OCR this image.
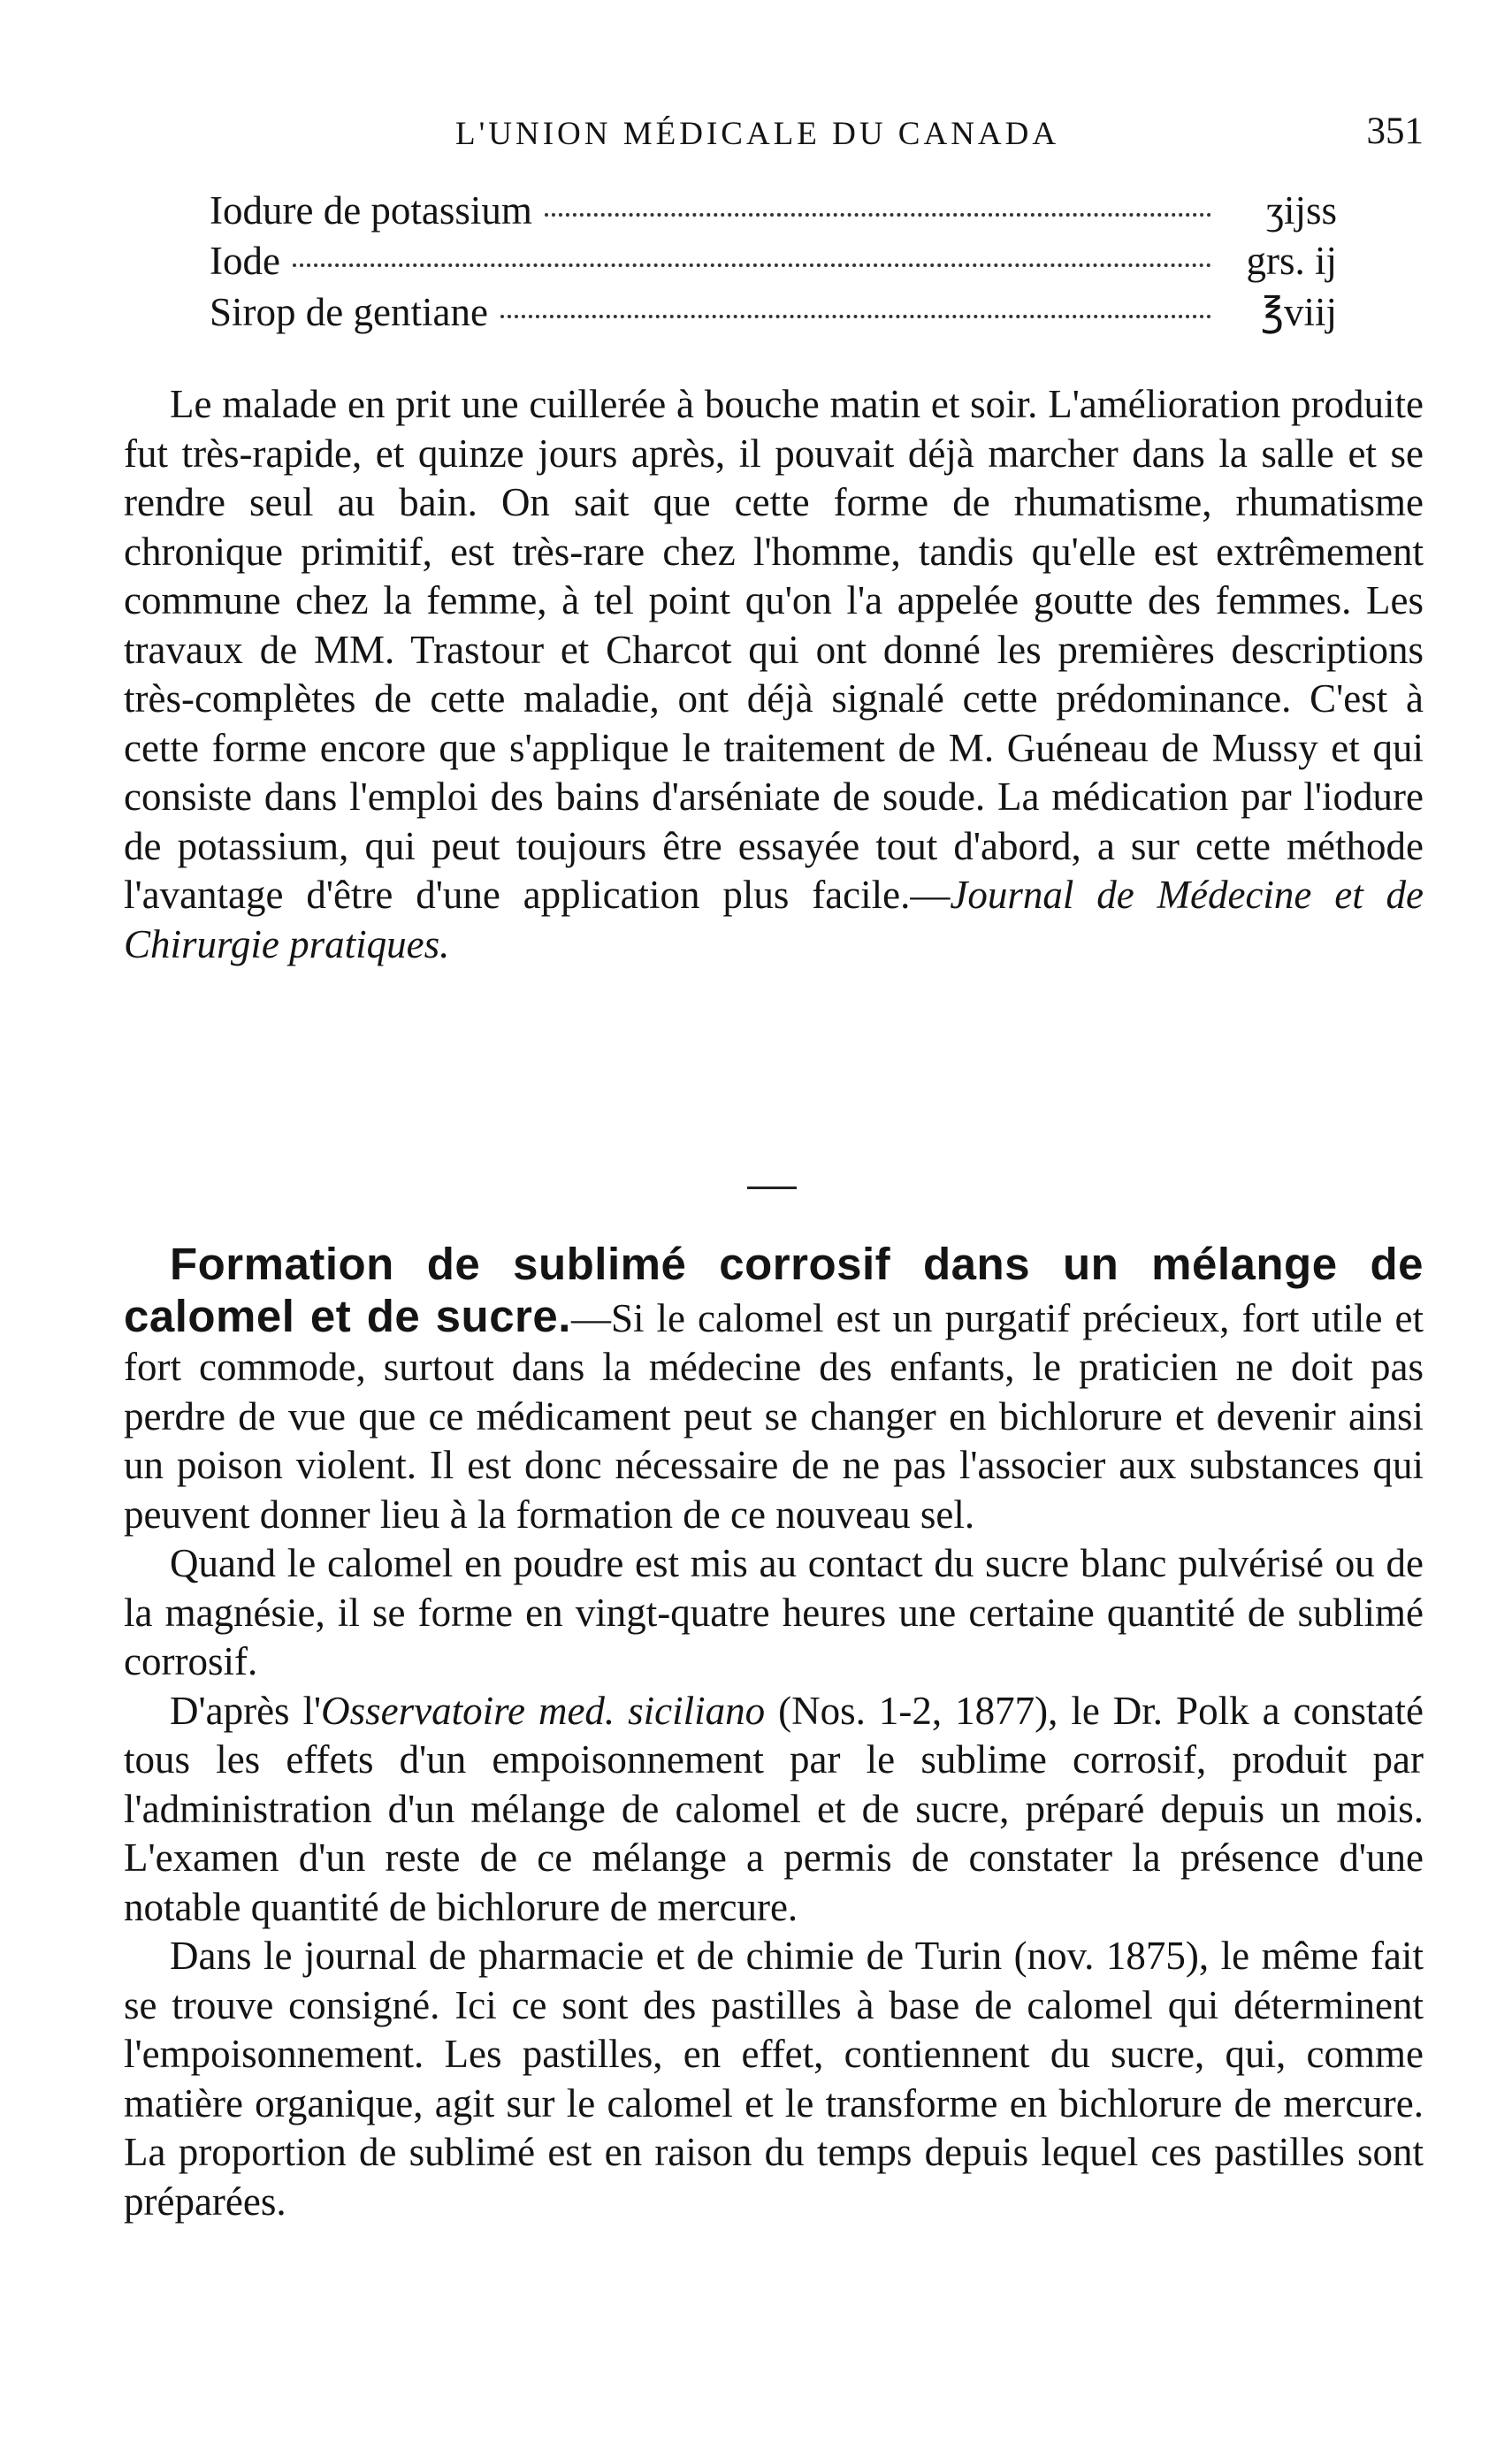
L'UNION MÉDICALE DU CANADA	351
Iodure de potassium	ʒijss
Iode	grs. ij
Sirop de gentiane	℥viij

Le malade en prit une cuillerée à bouche matin et soir. L'amélioration produite fut très-rapide, et quinze jours après, il pouvait déjà marcher dans la salle et se rendre seul au bain. On sait que cette forme de rhumatisme, rhumatisme chronique primitif, est très-rare chez l'homme, tandis qu'elle est extrêmement commune chez la femme, à tel point qu'on l'a appelée goutte des femmes. Les travaux de MM. Trastour et Charcot qui ont donné les premières descriptions très-complètes de cette maladie, ont déjà signalé cette prédominance. C'est à cette forme encore que s'applique le traitement de M. Guéneau de Mussy et qui consiste dans l'emploi des bains d'arséniate de soude. La médication par l'iodure de potassium, qui peut toujours être essayée tout d'abord, a sur cette méthode l'avantage d'être d'une application plus facile.—Journal de Médecine et de Chirurgie pratiques.

Formation de sublimé corrosif dans un mélange de calomel et de sucre.—Si le calomel est un purgatif précieux, fort utile et fort commode, surtout dans la médecine des enfants, le praticien ne doit pas perdre de vue que ce médicament peut se changer en bichlorure et devenir ainsi un poison violent. Il est donc nécessaire de ne pas l'associer aux substances qui peuvent donner lieu à la formation de ce nouveau sel.

Quand le calomel en poudre est mis au contact du sucre blanc pulvérisé ou de la magnésie, il se forme en vingt-quatre heures une certaine quantité de sublimé corrosif.

D'après l'Osservatoire med. siciliano (Nos. 1-2, 1877), le Dr. Polk a constaté tous les effets d'un empoisonnement par le sublime corrosif, produit par l'administration d'un mélange de calomel et de sucre, préparé depuis un mois. L'examen d'un reste de ce mélange a permis de constater la présence d'une notable quantité de bichlorure de mercure.

Dans le journal de pharmacie et de chimie de Turin (nov. 1875), le même fait se trouve consigné. Ici ce sont des pastilles à base de calomel qui déterminent l'empoisonnement. Les pastilles, en effet, contiennent du sucre, qui, comme matière organique, agit sur le calomel et le transforme en bichlorure de mercure. La proportion de sublimé est en raison du temps depuis lequel ces pastilles sont préparées.
